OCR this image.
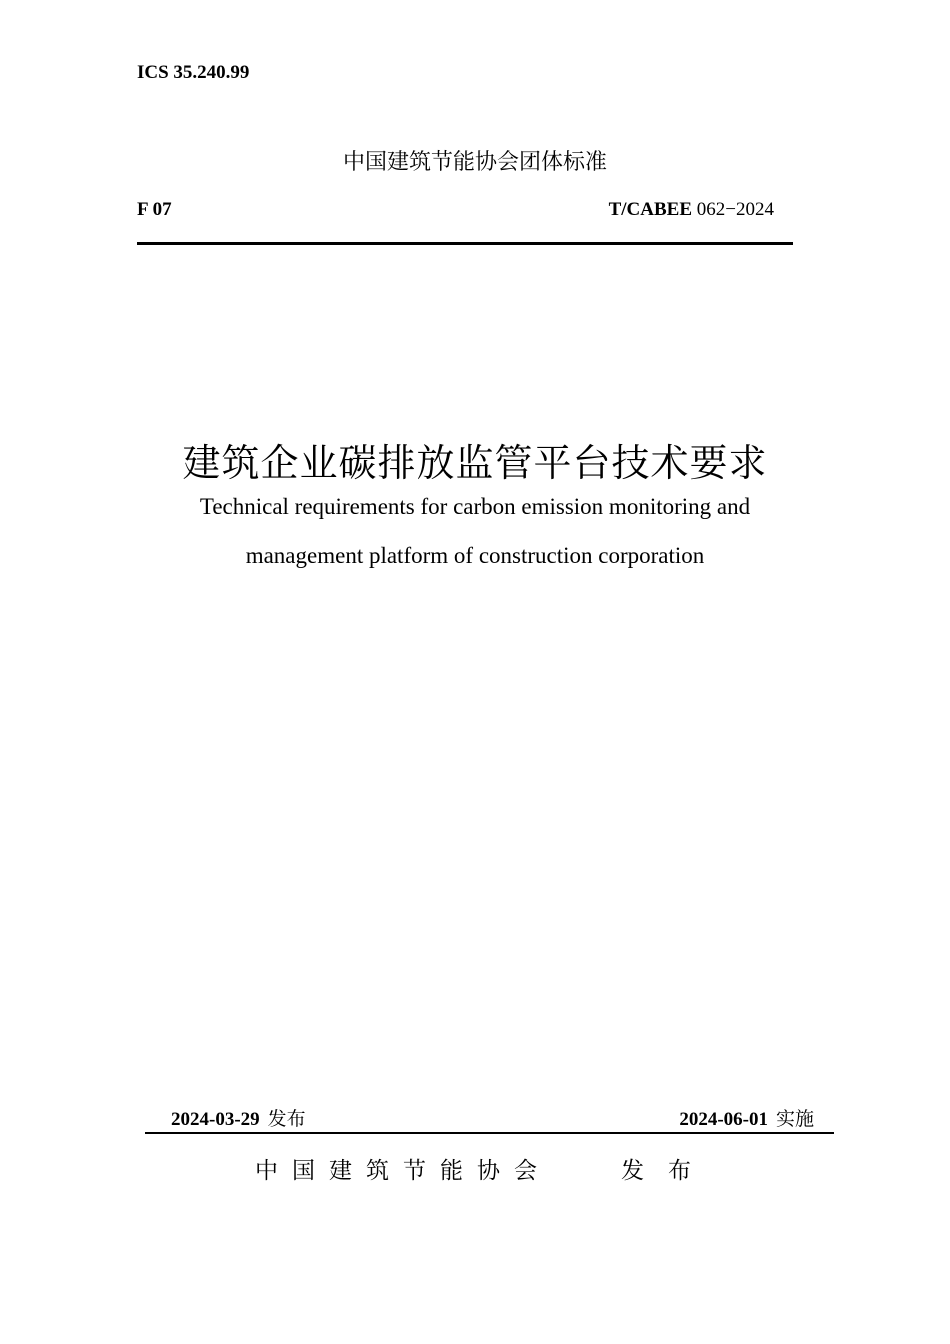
ICS 35.240.99
中国建筑节能协会团体标准
F 07	T/CABEE 062−2024
建筑企业碳排放监管平台技术要求
Technical requirements for carbon emission monitoring and
management platform of construction corporation
2024-03-29 发布	2024-06-01 实施
中国建筑节能协会	发布
